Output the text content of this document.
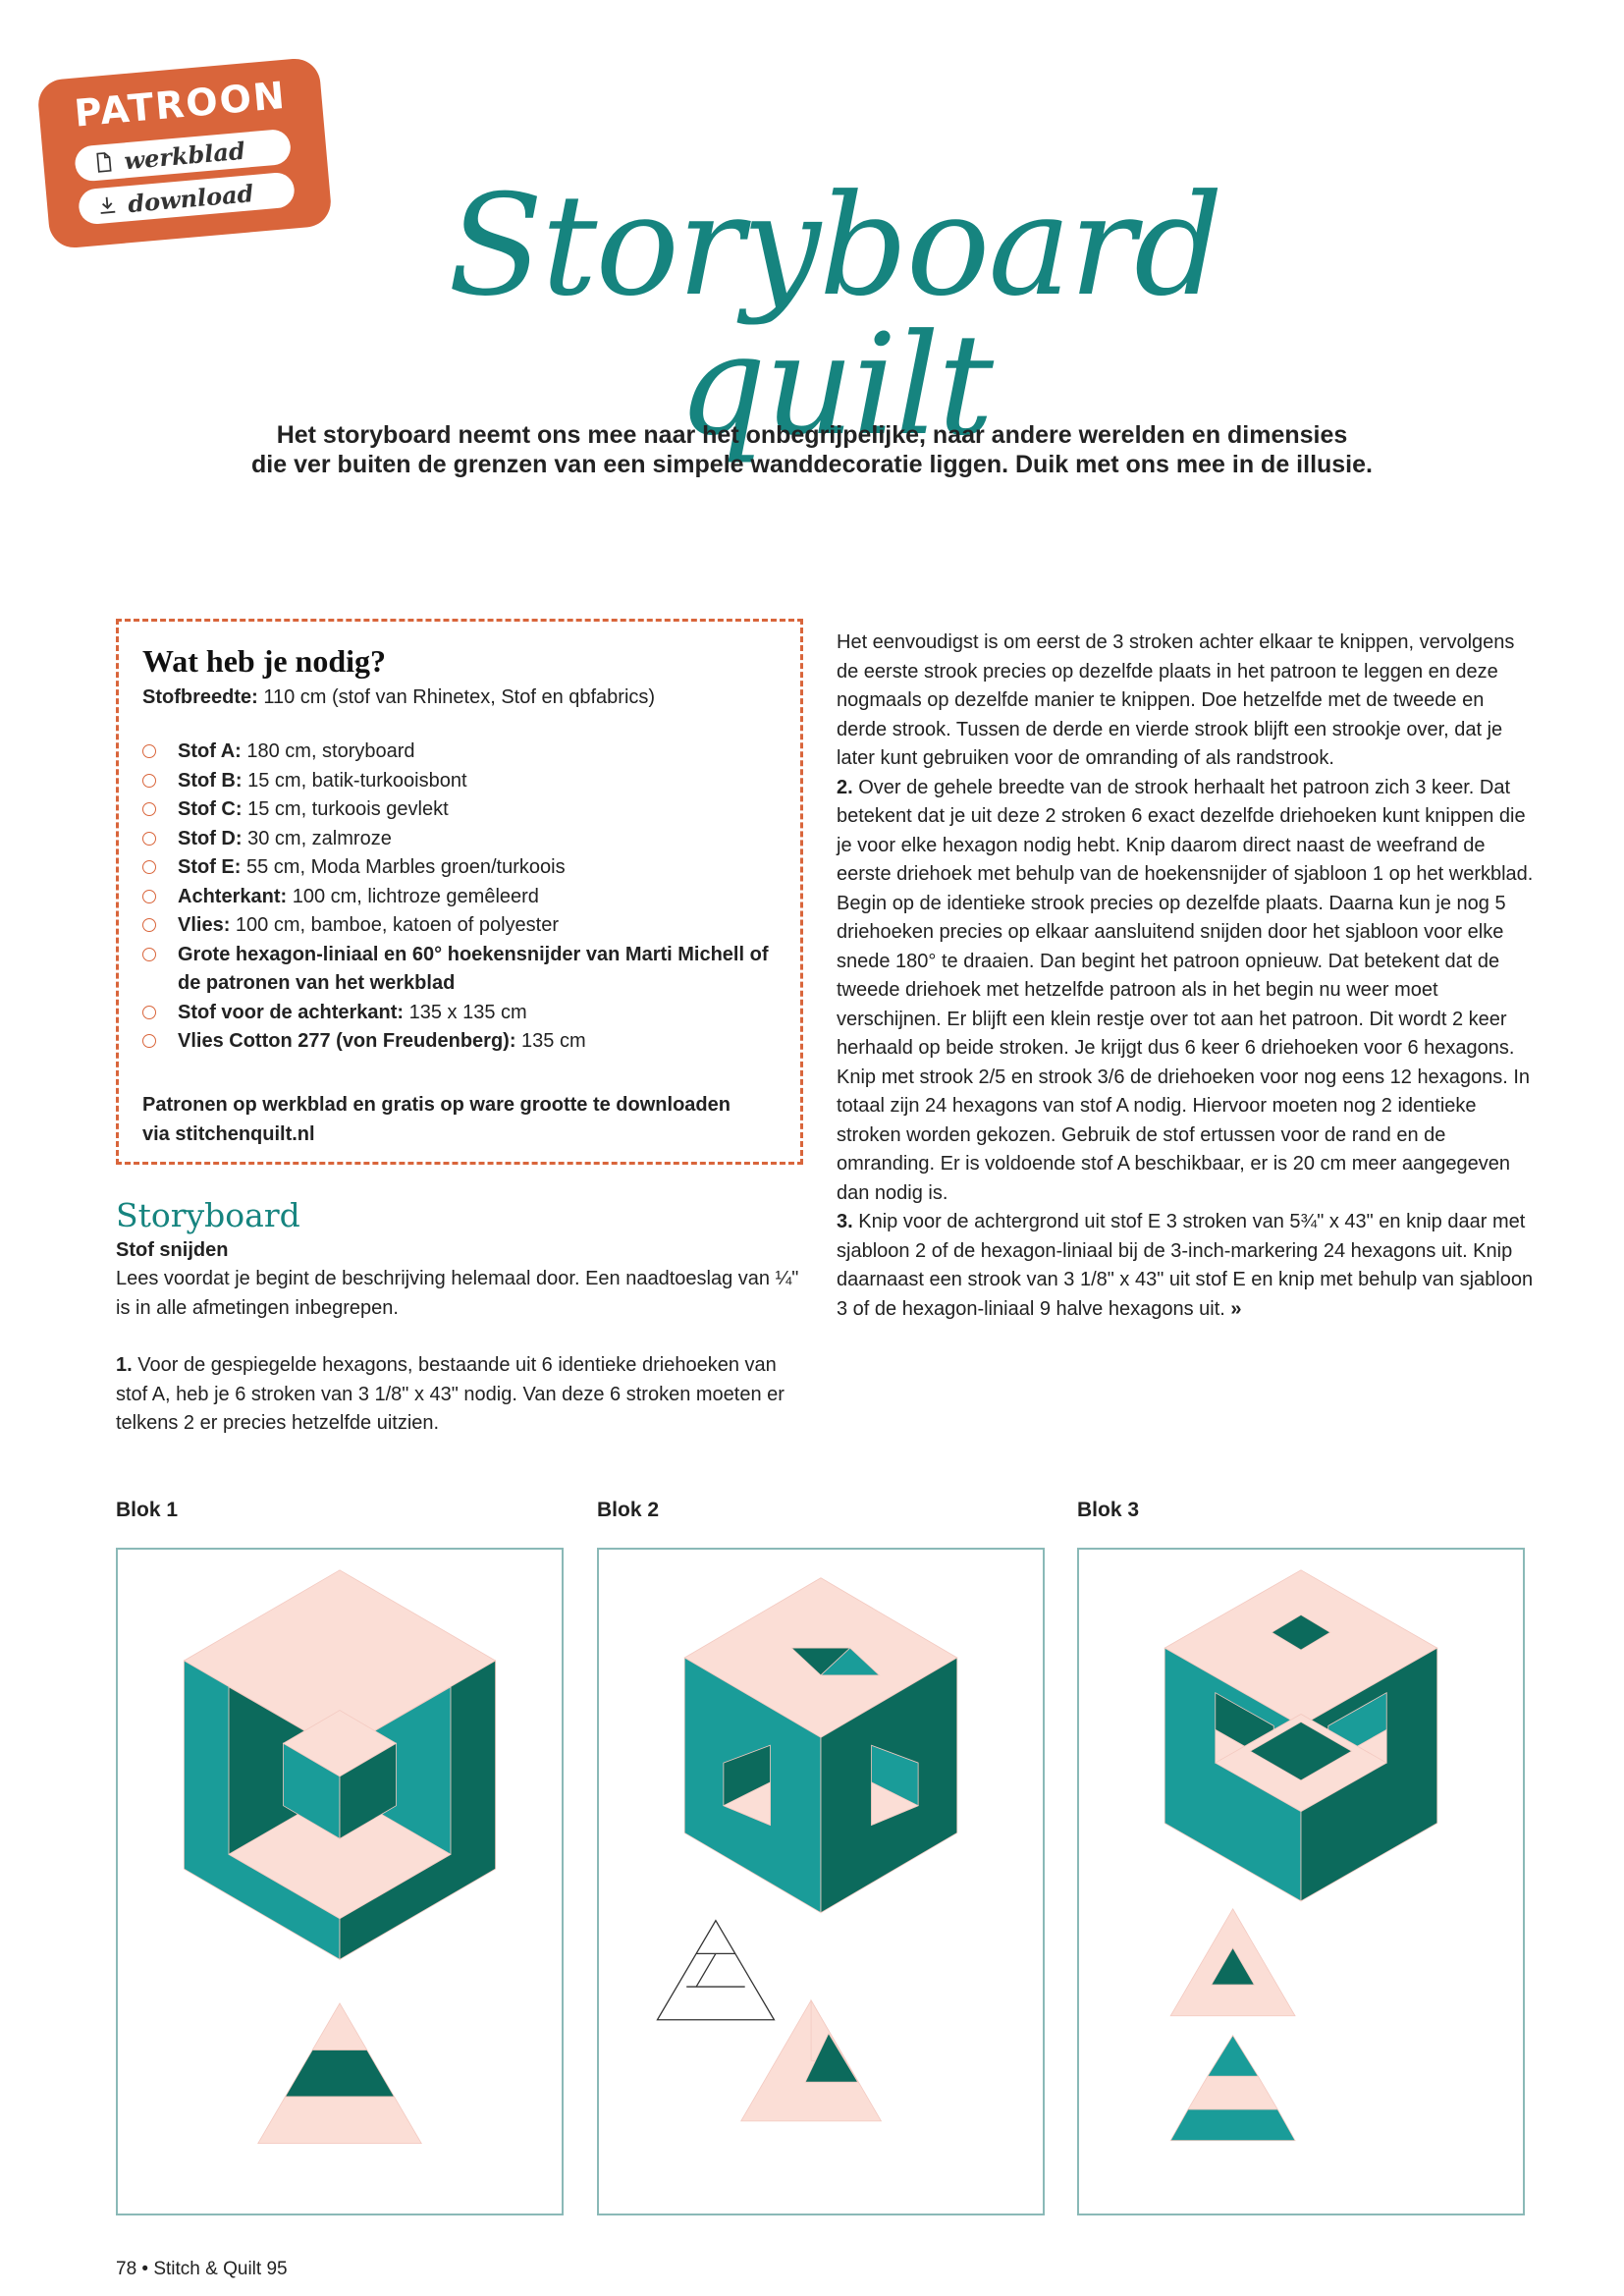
PATROON
werkblad
download	Storyboard quilt
Het storyboard neemt ons mee naar het onbegrijpelijke, naar andere werelden en dimensies
die ver buiten de grenzen van een simpele wanddecoratie liggen. Duik met ons mee in de illusie.
Wat heb je nodig?
Stofbreedte: 110 cm (stof van Rhinetex, Stof en qbfabrics)
Stof A: 180 cm, storyboard
Stof B: 15 cm, batik-turkooisbont
Stof C: 15 cm, turkoois gevlekt
Stof D: 30 cm, zalmroze
Stof E: 55 cm, Moda Marbles groen/turkoois
Achterkant: 100 cm, lichtroze gemêleerd
Vlies: 100 cm, bamboe, katoen of polyester
Grote hexagon-liniaal en 60° hoekensnijder van Marti Michell of de patronen van het werkblad
Stof voor de achterkant: 135 x 135 cm
Vlies Cotton 277 (von Freudenberg): 135 cm
Patronen op werkblad en gratis op ware grootte te downloaden via stitchenquilt.nl
Storyboard
Stof snijden

Lees voordat je begint de beschrijving helemaal door. Een naadtoeslag van ¼" is in alle afmetingen inbegrepen.

1. Voor de gespiegelde hexagons, bestaande uit 6 identieke driehoeken van stof A, heb je 6 stroken van 3 1/8" x 43" nodig. Van deze 6 stroken moeten er telkens 2 er precies hetzelfde uitzien.

Het eenvoudigst is om eerst de 3 stroken achter elkaar te knippen, vervolgens de eerste strook precies op dezelfde plaats in het patroon te leggen en deze nogmaals op dezelfde manier te knippen. Doe hetzelfde met de tweede en derde strook. Tussen de derde en vierde strook blijft een strookje over, dat je later kunt gebruiken voor de omranding of als randstrook.
2. Over de gehele breedte van de strook herhaalt het patroon zich 3 keer. Dat betekent dat je uit deze 2 stroken 6 exact dezelfde driehoeken kunt knippen die je voor elke hexagon nodig hebt. Knip daarom direct naast de weefrand de eerste driehoek met behulp van de hoekensnijder of sjabloon 1 op het werkblad. Begin op de identieke strook precies op dezelfde plaats. Daarna kun je nog 5 driehoeken precies op elkaar aansluitend snijden door het sjabloon voor elke snede 180° te draaien. Dan begint het patroon opnieuw. Dat betekent dat de tweede driehoek met hetzelfde patroon als in het begin nu weer moet verschijnen. Er blijft een klein restje over tot aan het patroon. Dit wordt 2 keer herhaald op beide stroken. Je krijgt dus 6 keer 6 driehoeken voor 6 hexagons. Knip met strook 2/5 en strook 3/6 de driehoeken voor nog eens 12 hexagons. In totaal zijn 24 hexagons van stof A nodig. Hiervoor moeten nog 2 identieke stroken worden gekozen. Gebruik de stof ertussen voor de rand en de omranding. Er is voldoende stof A beschikbaar, er is 20 cm meer aangegeven dan nodig is.
3. Knip voor de achtergrond uit stof E 3 stroken van 5¾" x 43" en knip daar met sjabloon 2 of de hexagon-liniaal bij de 3-inch-markering 24 hexagons uit. Knip daarnaast een strook van 3 1/8" x 43" uit stof E en knip met behulp van sjabloon 3 of de hexagon-liniaal 9 halve hexagons uit. »
Blok 1	Blok 2	Blok 3
78 • Stitch & Quilt 95
